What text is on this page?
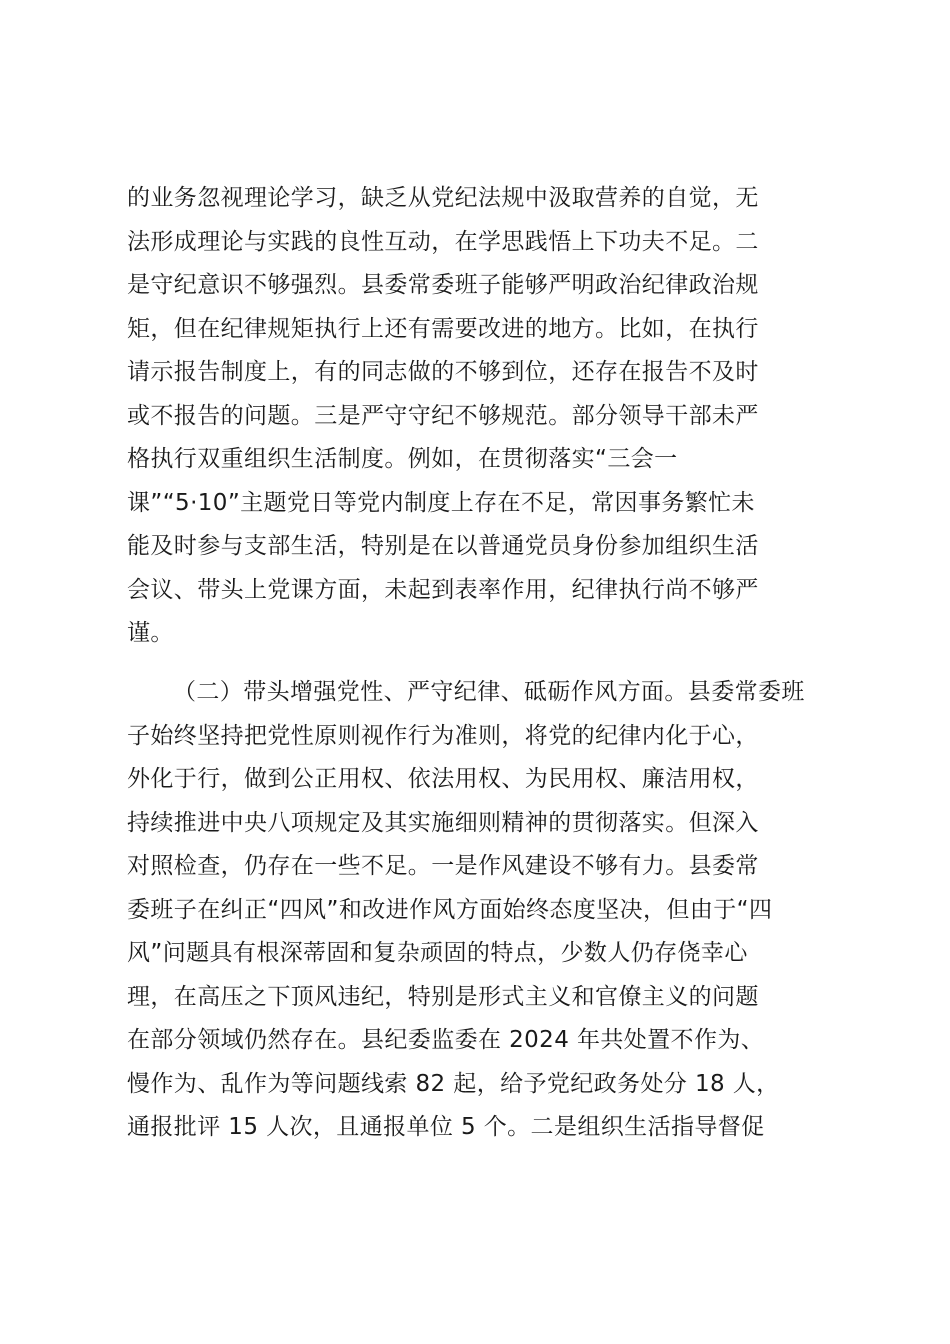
的业务忽视理论学习，缺乏从党纪法规中汲取营养的自觉，无
法形成理论与实践的良性互动，在学思践悟上下功夫不足。二
是守纪意识不够强烈。县委常委班子能够严明政治纪律政治规
矩，但在纪律规矩执行上还有需要改进的地方。比如，在执行
请示报告制度上，有的同志做的不够到位，还存在报告不及时
或不报告的问题。三是严守守纪不够规范。部分领导干部未严
格执行双重组织生活制度。例如，在贯彻落实“三会一
课”“5·10”主题党日等党内制度上存在不足，常因事务繁忙未
能及时参与支部生活，特别是在以普通党员身份参加组织生活
会议、带头上党课方面，未起到表率作用，纪律执行尚不够严
谨。
（二）带头增强党性、严守纪律、砥砺作风方面。县委常委班
子始终坚持把党性原则视作行为准则，将党的纪律内化于心，
外化于行，做到公正用权、依法用权、为民用权、廉洁用权，
持续推进中央八项规定及其实施细则精神的贯彻落实。但深入
对照检查，仍存在一些不足。一是作风建设不够有力。县委常
委班子在纠正“四风”和改进作风方面始终态度坚决，但由于“四
风”问题具有根深蒂固和复杂顽固的特点，少数人仍存侥幸心
理，在高压之下顶风违纪，特别是形式主义和官僚主义的问题
在部分领域仍然存在。县纪委监委在 2024 年共处置不作为、
慢作为、乱作为等问题线索 82 起，给予党纪政务处分 18 人，
通报批评 15 人次，且通报单位 5 个。二是组织生活指导督促
